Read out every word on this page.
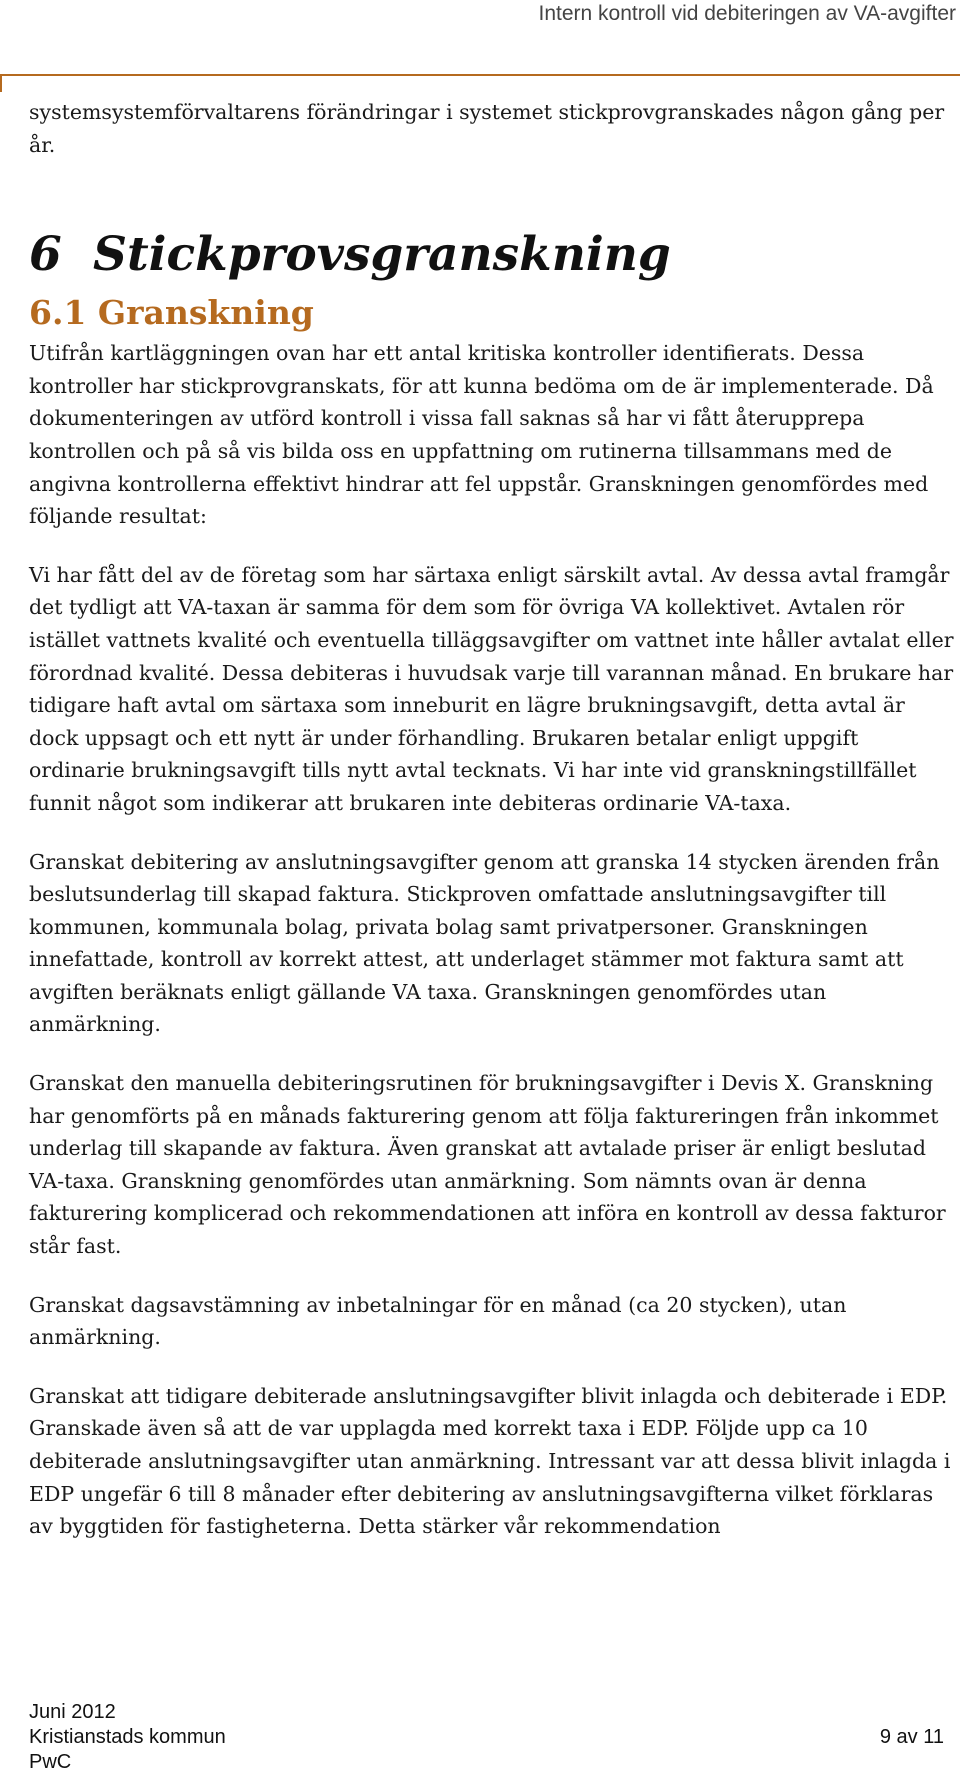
Intern kontroll vid debiteringen av VA-avgifter

systemsystemförvaltarens förändringar i systemet stickprovgranskades någon gång per år.

6 Stickprovsgranskning
6.1 Granskning

Utifrån kartläggningen ovan har ett antal kritiska kontroller identifierats. Dessa kontroller har stickprovgranskats, för att kunna bedöma om de är implementerade. Då dokumenteringen av utförd kontroll i vissa fall saknas så har vi fått återupprepa kontrollen och på så vis bilda oss en uppfattning om rutinerna tillsammans med de angivna kontrollerna effektivt hindrar att fel uppstår. Granskningen genomfördes med följande resultat:

Vi har fått del av de företag som har särtaxa enligt särskilt avtal. Av dessa avtal framgår det tydligt att VA-taxan är samma för dem som för övriga VA kollektivet. Avtalen rör istället vattnets kvalité och eventuella tilläggsavgifter om vattnet inte håller avtalat eller förordnad kvalité. Dessa debiteras i huvudsak varje till varannan månad. En brukare har tidigare haft avtal om särtaxa som inneburit en lägre brukningsavgift, detta avtal är dock uppsagt och ett nytt är under förhandling. Brukaren betalar enligt uppgift ordinarie brukningsavgift tills nytt avtal tecknats. Vi har inte vid granskningstillfället funnit något som indikerar att brukaren inte debiteras ordinarie VA-taxa.

Granskat debitering av anslutningsavgifter genom att granska 14 stycken ärenden från beslutsunderlag till skapad faktura. Stickproven omfattade anslutningsavgifter till kommunen, kommunala bolag, privata bolag samt privatpersoner. Granskningen innefattade, kontroll av korrekt attest, att underlaget stämmer mot faktura samt att avgiften beräknats enligt gällande VA taxa. Granskningen genomfördes utan anmärkning.

Granskat den manuella debiteringsrutinen för brukningsavgifter i Devis X. Granskning har genomförts på en månads fakturering genom att följa faktureringen från inkommet underlag till skapande av faktura. Även granskat att avtalade priser är enligt beslutad VA-taxa. Granskning genomfördes utan anmärkning. Som nämnts ovan är denna fakturering komplicerad och rekommendationen att införa en kontroll av dessa fakturor står fast.

Granskat dagsavstämning av inbetalningar för en månad (ca 20 stycken), utan anmärkning.

Granskat att tidigare debiterade anslutningsavgifter blivit inlagda och debiterade i EDP. Granskade även så att de var upplagda med korrekt taxa i EDP. Följde upp ca 10 debiterade anslutningsavgifter utan anmärkning. Intressant var att dessa blivit inlagda i EDP ungefär 6 till 8 månader efter debitering av anslutningsavgifterna vilket förklaras av byggtiden för fastigheterna. Detta stärker vår rekommendation

Juni 2012
Kristianstads kommun	9 av 11
PwC
